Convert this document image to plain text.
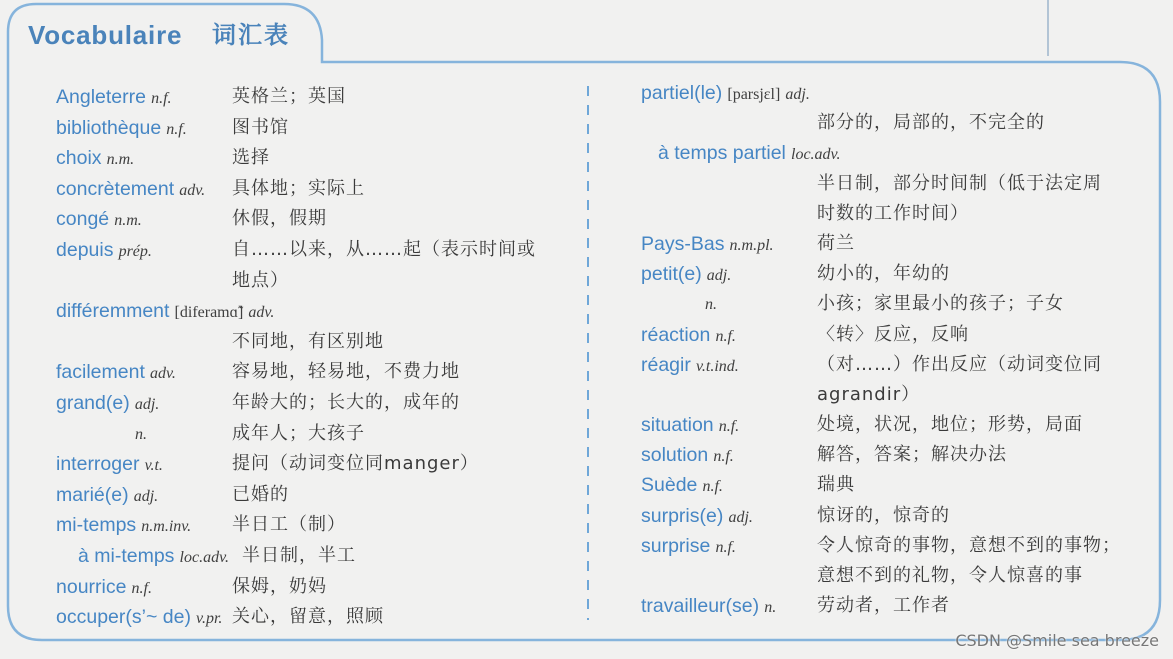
Vocabulaire 词汇表
Angleterre n.f.	英格兰；英国
bibliothèque n.f.	图书馆
choix n.m.	选择
concrètement adv. 具体地；实际上
congé n.m.	休假，假期
depuis prép.	自……以来，从……起（表示时间或
地点）
différemment [diferamɑ̃] adv.
不同地，有区别地
facilement adv.	容易地，轻易地，不费力地
grand(e) adj.	年龄大的；长大的，成年的
n.	成年人；大孩子
interroger v.t.	提问（动词变位同manger）
marié(e) adj.	已婚的
mi-temps n.m.inv. 半日工（制）
à mi-temps loc.adv. 半日制，半工
nourrice n.f.	保姆，奶妈
occuper(s’~ de) v.pr. 关心，留意，照顾
partiel(le) [parsjɛl] adj.
部分的，局部的，不完全的
à temps partiel loc.adv.
半日制，部分时间制（低于法定周
时数的工作时间）
Pays-Bas n.m.pl. 荷兰
petit(e) adj.	幼小的，年幼的
n.	小孩；家里最小的孩子；子女
réaction n.f.	〈转〉反应，反响
réagir v.t.ind.	（对……）作出反应（动词变位同
agrandir）
situation n.f.	处境，状况，地位；形势，局面
solution n.f.	解答，答案；解决办法
Suède n.f.	瑞典
surpris(e) adj.	惊讶的，惊奇的
surprise n.f.	令人惊奇的事物，意想不到的事物；
意想不到的礼物，令人惊喜的事
travailleur(se) n. 劳动者，工作者
CSDN @Smile sea breeze
